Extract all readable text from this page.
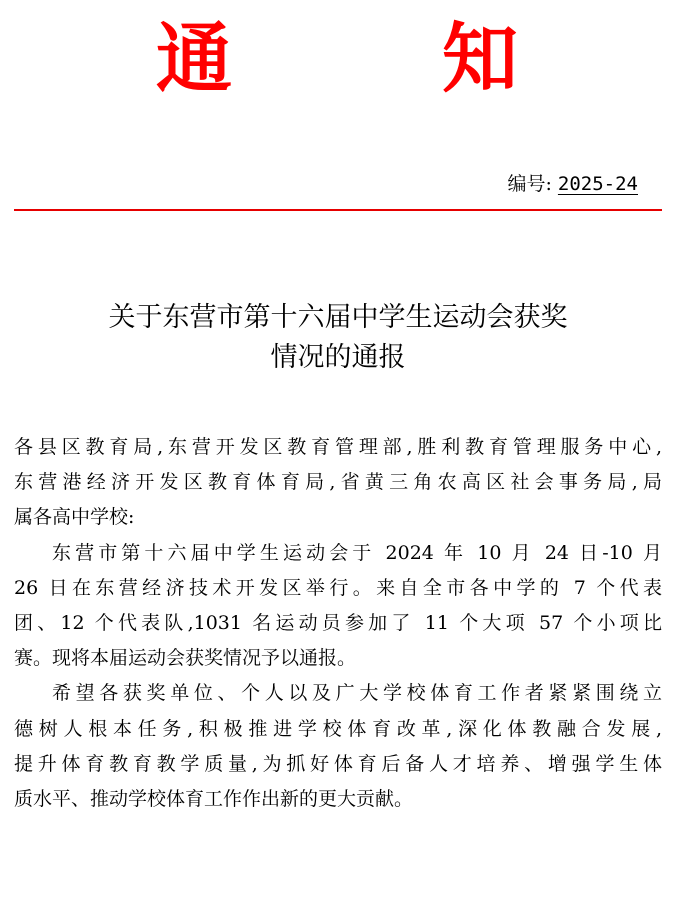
通	知
编号: 2025-24
关于东营市第十六届中学生运动会获奖
情况的通报
各县区教育局,东营开发区教育管理部,胜利教育管理服务中心,
东营港经济开发区教育体育局,省黄三角农高区社会事务局,局
属各高中学校:
东营市第十六届中学生运动会于 2024 年 10 月 24 日-10 月
26 日在东营经济技术开发区举行。来自全市各中学的 7 个代表
团、12 个代表队,1031 名运动员参加了 11 个大项 57 个小项比
赛。现将本届运动会获奖情况予以通报。
希望各获奖单位、个人以及广大学校体育工作者紧紧围绕立
德树人根本任务,积极推进学校体育改革,深化体教融合发展,
提升体育教育教学质量,为抓好体育后备人才培养、增强学生体
质水平、推动学校体育工作作出新的更大贡献。
